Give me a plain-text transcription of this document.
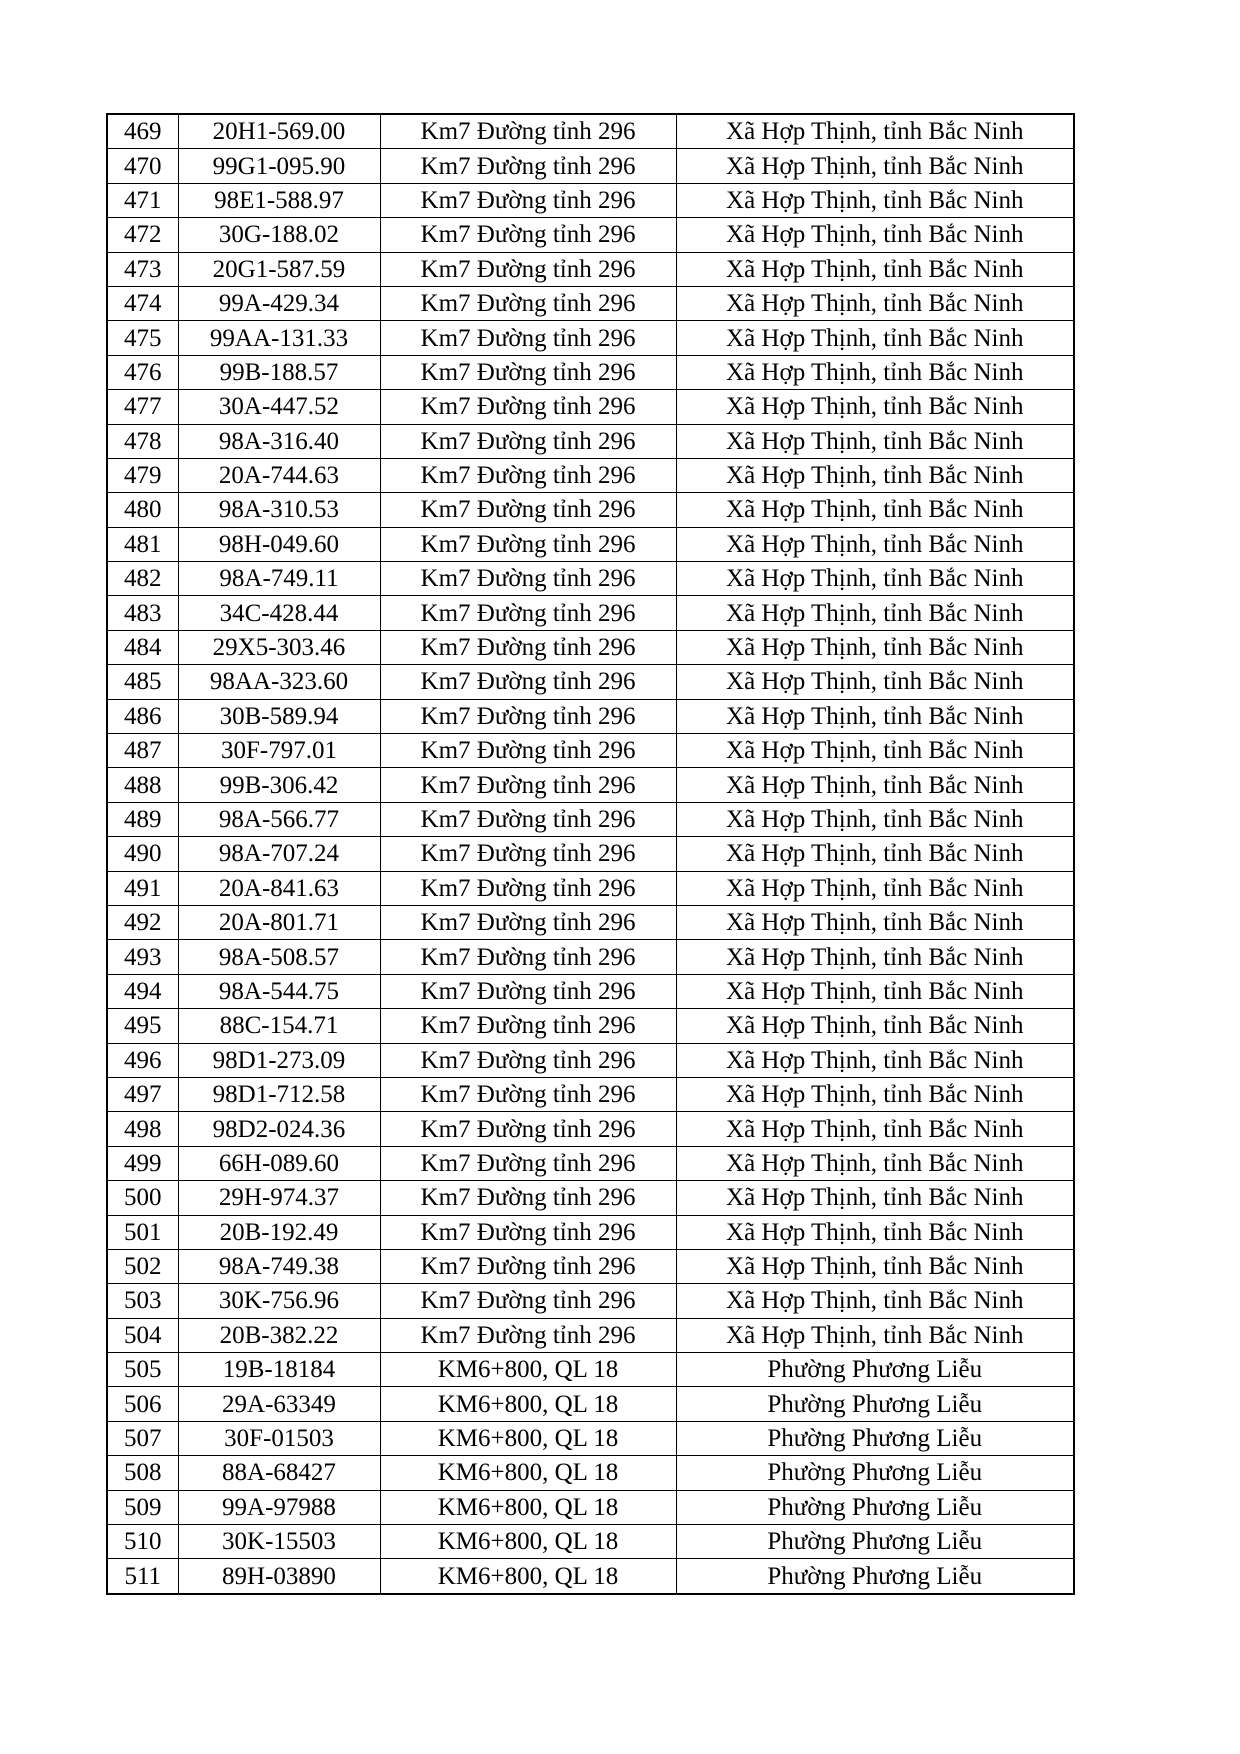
469	20H1-569.00	Km7 Đường tỉnh 296	Xã Hợp Thịnh, tỉnh Bắc Ninh
470	99G1-095.90	Km7 Đường tỉnh 296	Xã Hợp Thịnh, tỉnh Bắc Ninh
471	98E1-588.97	Km7 Đường tỉnh 296	Xã Hợp Thịnh, tỉnh Bắc Ninh
472	30G-188.02	Km7 Đường tỉnh 296	Xã Hợp Thịnh, tỉnh Bắc Ninh
473	20G1-587.59	Km7 Đường tỉnh 296	Xã Hợp Thịnh, tỉnh Bắc Ninh
474	99A-429.34	Km7 Đường tỉnh 296	Xã Hợp Thịnh, tỉnh Bắc Ninh
475	99AA-131.33	Km7 Đường tỉnh 296	Xã Hợp Thịnh, tỉnh Bắc Ninh
476	99B-188.57	Km7 Đường tỉnh 296	Xã Hợp Thịnh, tỉnh Bắc Ninh
477	30A-447.52	Km7 Đường tỉnh 296	Xã Hợp Thịnh, tỉnh Bắc Ninh
478	98A-316.40	Km7 Đường tỉnh 296	Xã Hợp Thịnh, tỉnh Bắc Ninh
479	20A-744.63	Km7 Đường tỉnh 296	Xã Hợp Thịnh, tỉnh Bắc Ninh
480	98A-310.53	Km7 Đường tỉnh 296	Xã Hợp Thịnh, tỉnh Bắc Ninh
481	98H-049.60	Km7 Đường tỉnh 296	Xã Hợp Thịnh, tỉnh Bắc Ninh
482	98A-749.11	Km7 Đường tỉnh 296	Xã Hợp Thịnh, tỉnh Bắc Ninh
483	34C-428.44	Km7 Đường tỉnh 296	Xã Hợp Thịnh, tỉnh Bắc Ninh
484	29X5-303.46	Km7 Đường tỉnh 296	Xã Hợp Thịnh, tỉnh Bắc Ninh
485	98AA-323.60	Km7 Đường tỉnh 296	Xã Hợp Thịnh, tỉnh Bắc Ninh
486	30B-589.94	Km7 Đường tỉnh 296	Xã Hợp Thịnh, tỉnh Bắc Ninh
487	30F-797.01	Km7 Đường tỉnh 296	Xã Hợp Thịnh, tỉnh Bắc Ninh
488	99B-306.42	Km7 Đường tỉnh 296	Xã Hợp Thịnh, tỉnh Bắc Ninh
489	98A-566.77	Km7 Đường tỉnh 296	Xã Hợp Thịnh, tỉnh Bắc Ninh
490	98A-707.24	Km7 Đường tỉnh 296	Xã Hợp Thịnh, tỉnh Bắc Ninh
491	20A-841.63	Km7 Đường tỉnh 296	Xã Hợp Thịnh, tỉnh Bắc Ninh
492	20A-801.71	Km7 Đường tỉnh 296	Xã Hợp Thịnh, tỉnh Bắc Ninh
493	98A-508.57	Km7 Đường tỉnh 296	Xã Hợp Thịnh, tỉnh Bắc Ninh
494	98A-544.75	Km7 Đường tỉnh 296	Xã Hợp Thịnh, tỉnh Bắc Ninh
495	88C-154.71	Km7 Đường tỉnh 296	Xã Hợp Thịnh, tỉnh Bắc Ninh
496	98D1-273.09	Km7 Đường tỉnh 296	Xã Hợp Thịnh, tỉnh Bắc Ninh
497	98D1-712.58	Km7 Đường tỉnh 296	Xã Hợp Thịnh, tỉnh Bắc Ninh
498	98D2-024.36	Km7 Đường tỉnh 296	Xã Hợp Thịnh, tỉnh Bắc Ninh
499	66H-089.60	Km7 Đường tỉnh 296	Xã Hợp Thịnh, tỉnh Bắc Ninh
500	29H-974.37	Km7 Đường tỉnh 296	Xã Hợp Thịnh, tỉnh Bắc Ninh
501	20B-192.49	Km7 Đường tỉnh 296	Xã Hợp Thịnh, tỉnh Bắc Ninh
502	98A-749.38	Km7 Đường tỉnh 296	Xã Hợp Thịnh, tỉnh Bắc Ninh
503	30K-756.96	Km7 Đường tỉnh 296	Xã Hợp Thịnh, tỉnh Bắc Ninh
504	20B-382.22	Km7 Đường tỉnh 296	Xã Hợp Thịnh, tỉnh Bắc Ninh
505	19B-18184	KM6+800, QL 18	Phường Phương Liễu
506	29A-63349	KM6+800, QL 18	Phường Phương Liễu
507	30F-01503	KM6+800, QL 18	Phường Phương Liễu
508	88A-68427	KM6+800, QL 18	Phường Phương Liễu
509	99A-97988	KM6+800, QL 18	Phường Phương Liễu
510	30K-15503	KM6+800, QL 18	Phường Phương Liễu
511	89H-03890	KM6+800, QL 18	Phường Phương Liễu
